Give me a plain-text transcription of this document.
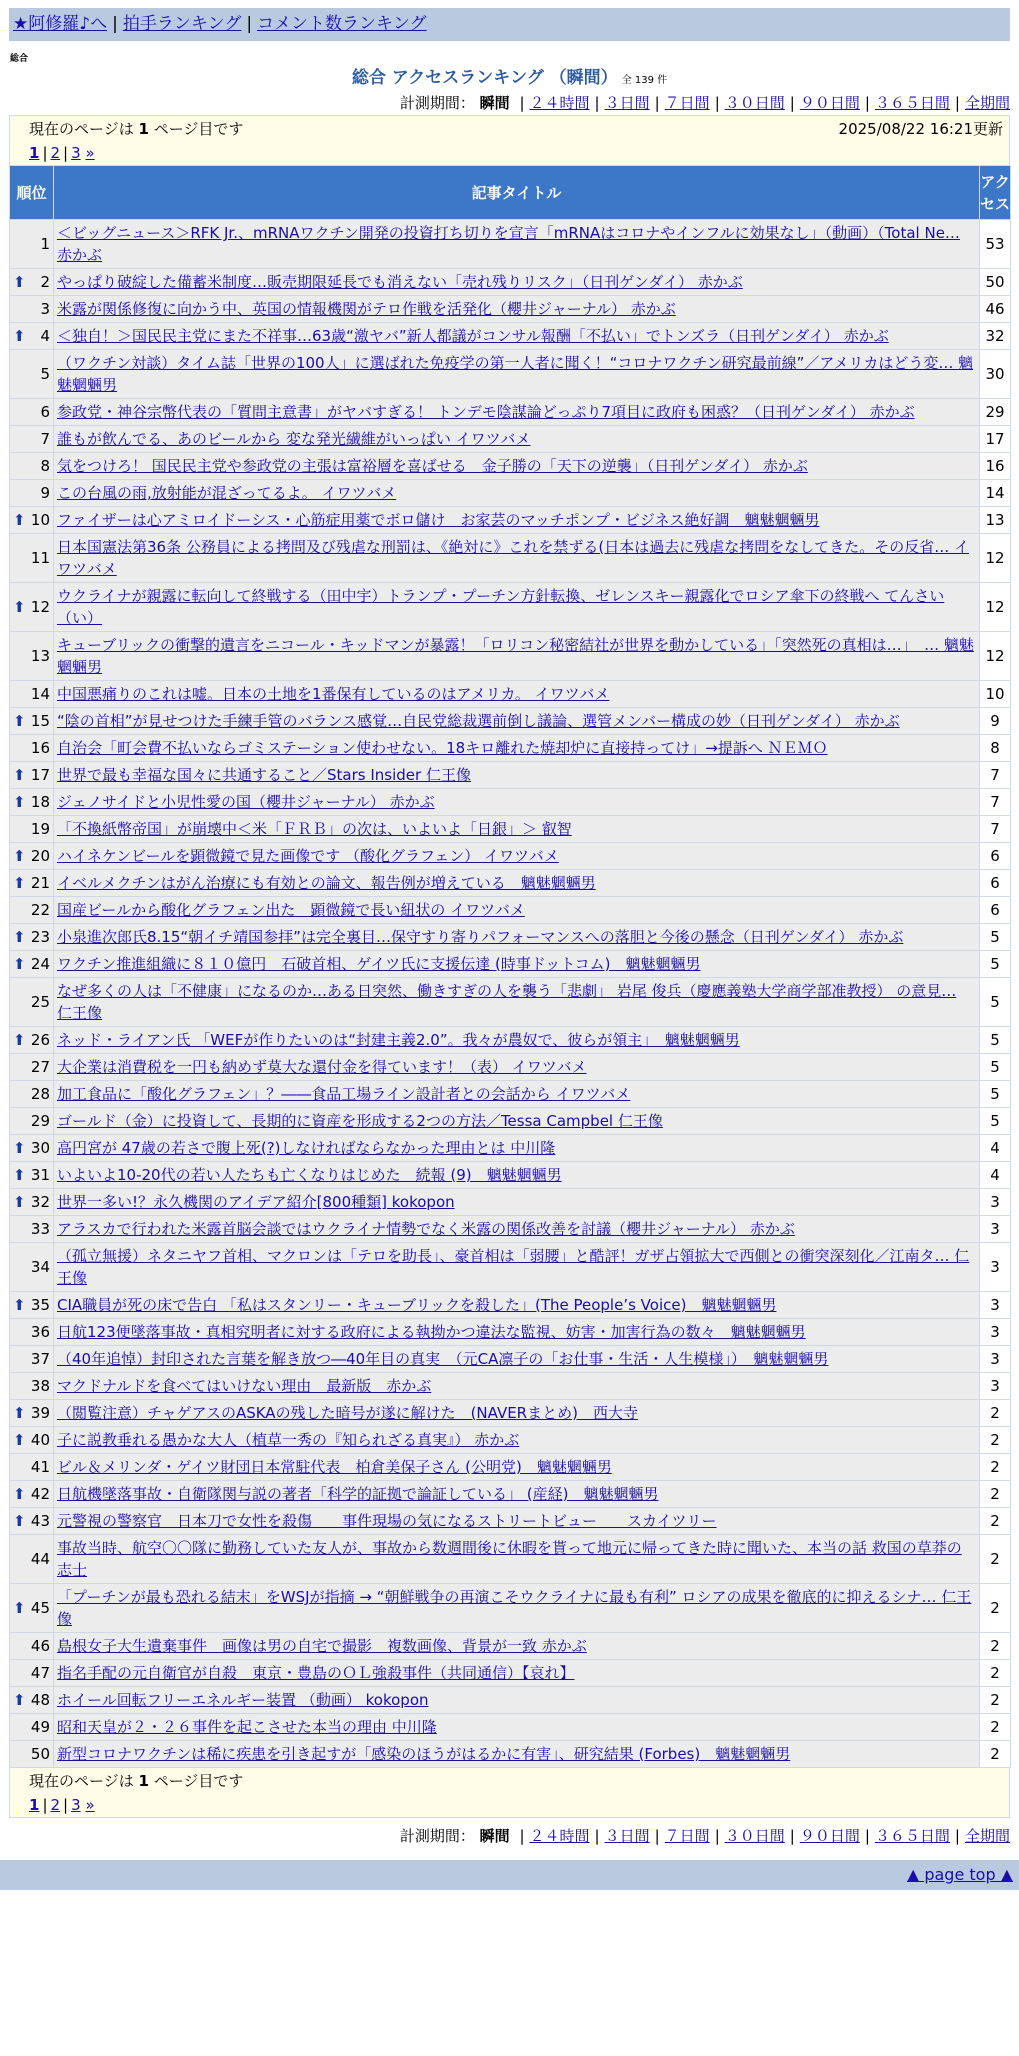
★阿修羅♪へ | 拍手ランキング | コメント数ランキング
総合
総合 アクセスランキング （瞬間） 全 139 件
計測期間： 瞬間 | ２４時間 | ３日間 | ７日間 | ３０日間 | ９０日間 | ３６５日間 | 全期間
現在のページは 1 ページ目です	2025/08/22 16:21更新
1 | 2 | 3 »
順位	記事タイトル	アクセス
1	＜ビッグニュース＞RFK Jr.、mRNAワクチン開発の投資打ち切りを宣言「mRNAはコロナやインフルに効果なし」（動画）（Total Ne… 赤かぶ	53

⬆ 2	やっぱり破綻した備蓄米制度…販売期限延長でも消えない「売れ残りリスク」（日刊ゲンダイ） 赤かぶ	50
3	米露が関係修復に向かう中、英国の情報機関がテロ作戦を活発化（櫻井ジャーナル） 赤かぶ	46

⬆ 4	＜独自！＞国民民主党にまた不祥事…63歳“激ヤバ”新人都議がコンサル報酬「不払い」でトンズラ（日刊ゲンダイ） 赤かぶ	32
5	（ワクチン対談）タイム誌「世界の100人」に選ばれた免疫学の第一人者に聞く！“コロナワクチン研究最前線”／アメリカはどう変… 魑魅魍魎男	30
6	参政党・神谷宗幣代表の「質問主意書」がヤバすぎる！ トンデモ陰謀論どっぷり7項目に政府も困惑？（日刊ゲンダイ） 赤かぶ	29
7	誰もが飲んでる、あのビールから 変な発光繊維がいっぱい イワツバメ	17
8	気をつけろ！ 国民民主党や参政党の主張は富裕層を喜ばせる　金子勝の「天下の逆襲」（日刊ゲンダイ） 赤かぶ	16
9	この台風の雨,放射能が混ざってるよ。 イワツバメ	14

⬆ 10	ファイザーは心アミロイドーシス・心筋症用薬でボロ儲け　お家芸のマッチポンプ・ビジネス絶好調　魑魅魍魎男	13
11	日本国憲法第36条 公務員による拷問及び残虐な刑罰は、《絶対に》これを禁ずる(日本は過去に残虐な拷問をなしてきた。その反省… イワツバメ	12

⬆ 12	ウクライナが親露に転向して終戦する（田中宇）トランプ・プーチン方針転換、ゼレンスキー親露化でロシア傘下の終戦へ てんさい（い）	12
13	キューブリックの衝撃的遺言をニコール・キッドマンが暴露！「ロリコン秘密結社が世界を動かしている」「突然死の真相は…」　… 魑魅魍魎男	12
14	中国悪痛りのこれは嘘。日本の土地を1番保有しているのはアメリカ。 イワツバメ	10

⬆ 15	“陰の首相”が見せつけた手練手管のバランス感覚…自民党総裁選前倒し議論、選管メンバー構成の妙（日刊ゲンダイ） 赤かぶ	9
16	自治会「町会費不払いならゴミステーション使わせない。18キロ離れた焼却炉に直接持ってけ」→提訴へ ＮＥＭＯ	8

⬆ 17	世界で最も幸福な国々に共通すること／Stars Insider 仁王像	7

⬆ 18	ジェノサイドと小児性愛の国（櫻井ジャーナル） 赤かぶ	7
19	「不換紙幣帝国」が崩壊中＜米「ＦＲＢ」の次は、いよいよ「日銀」＞ 叡智	7

⬆ 20	ハイネケンビールを顕微鏡で見た画像です （酸化グラフェン） イワツバメ	6

⬆ 21	イベルメクチンはがん治療にも有効との論文、報告例が増えている　魑魅魍魎男	6
22	国産ビールから酸化グラフェン出た　顕微鏡で長い紐状の イワツバメ	6

⬆ 23	小泉進次郎氏8.15“朝イチ靖国参拝”は完全裏目…保守すり寄りパフォーマンスへの落胆と今後の懸念（日刊ゲンダイ） 赤かぶ	5

⬆ 24	ワクチン推進組織に８１０億円　石破首相、ゲイツ氏に支援伝達 (時事ドットコム)　魑魅魍魎男	5
25	なぜ多くの人は「不健康」になるのか…ある日突然、働きすぎの人を襲う「悲劇」 岩尾 俊兵（慶應義塾大学商学部准教授） の意見… 仁王像	5

⬆ 26	ネッド・ライアン氏 「WEFが作りたいのは“封建主義2.0”。我々が農奴で、彼らが領主」　魑魅魍魎男	5
27	大企業は消費税を一円も納めず莫大な還付金を得ています！（表） イワツバメ	5
28	加工食品に「酸化グラフェン」？――食品工場ライン設計者との会話から イワツバメ	5
29	ゴールド（金）に投資して、長期的に資産を形成する2つの方法／Tessa Campbel 仁王像	5

⬆ 30	高円宮が 47歳の若さで腹上死(?)しなければならなかった理由とは 中川隆	4

⬆ 31	いよいよ10-20代の若い人たちも亡くなりはじめた　続報 (9)　魑魅魍魎男	4

⬆ 32	世界一多い!？永久機関のアイデア紹介[800種類] kokopon	3
33	アラスカで行われた米露首脳会談ではウクライナ情勢でなく米露の関係改善を討議（櫻井ジャーナル） 赤かぶ	3
34	（孤立無援）ネタニヤフ首相、マクロンは「テロを助長」、豪首相は「弱腰」と酷評！ガザ占領拡大で西側との衝突深刻化／江南タ… 仁王像	3

⬆ 35	CIA職員が死の床で告白 「私はスタンリー・キューブリックを殺した」(The People’s Voice)　魑魅魍魎男	3
36	日航123便墜落事故・真相究明者に対する政府による執拗かつ違法な監視、妨害・加害行為の数々　魑魅魍魎男	3
37	（40年追悼）封印された言葉を解き放つ―40年目の真実　（元CA凛子の「お仕事・生活・人生模様」）　魑魅魍魎男	3
38	マクドナルドを食べてはいけない理由　最新版　赤かぶ	3

⬆ 39	（閲覧注意）チャゲアスのASKAの残した暗号が遂に解けた　(NAVERまとめ)　西大寺	2

⬆ 40	子に説教垂れる愚かな大人（植草一秀の『知られざる真実』） 赤かぶ	2
41	ビル＆メリンダ・ゲイツ財団日本常駐代表　柏倉美保子さん (公明党)　魑魅魍魎男	2

⬆ 42	日航機墜落事故・自衛隊関与説の著者「科学的証拠で論証している」 (産経)　魑魅魍魎男	2

⬆ 43	元警視の警察官　日本刀で女性を殺傷　　事件現場の気になるストリートビュー　　スカイツリー	2
44	事故当時、航空〇〇隊に勤務していた友人が、事故から数週間後に休暇を貰って地元に帰ってきた時に聞いた、本当の話 救国の草莽の志士	2

⬆ 45	「プーチンが最も恐れる結末」をWSJが指摘 → “朝鮮戦争の再演こそウクライナに最も有利” ロシアの成果を徹底的に抑えるシナ… 仁王像	2
46	島根女子大生遺棄事件　画像は男の自宅で撮影　複数画像、背景が一致 赤かぶ	2
47	指名手配の元自衛官が自殺　東京・豊島のＯＬ強殺事件（共同通信）【哀れ】	2

⬆ 48	ホイール回転フリーエネルギー装置 （動画） kokopon	2
49	昭和天皇が２・２６事件を起こさせた本当の理由 中川隆	2
50	新型コロナワクチンは稀に疾患を引き起すが「感染のほうがはるかに有害」、研究結果 (Forbes)　魑魅魍魎男	2
現在のページは 1 ページ目です
1 | 2 | 3 »
計測期間： 瞬間 | ２４時間 | ３日間 | ７日間 | ３０日間 | ９０日間 | ３６５日間 | 全期間
▲ page top ▲
